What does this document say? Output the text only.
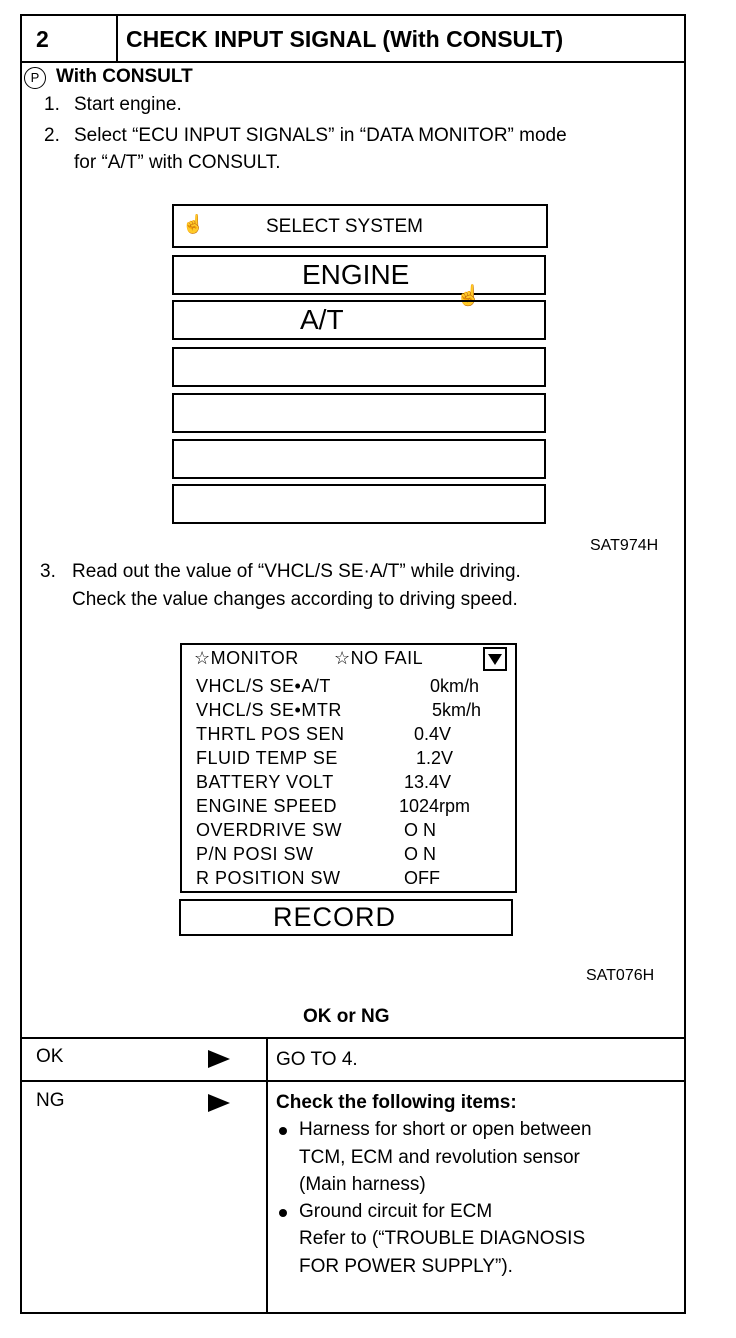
2	CHECK INPUT SIGNAL (With CONSULT)
P With CONSULT
1. Start engine.
2. Select “ECU INPUT SIGNALS” in “DATA MONITOR” mode
for “A/T” with CONSULT.
☝	SELECT SYSTEM
ENGINE
☝
A/T
SAT974H
3. Read out the value of “VHCL/S SE·A/T” while driving.
Check the value changes according to driving speed.
☆MONITOR ☆NO FAIL
VHCL/S SE•A/T	0km/h
VHCL/S SE•MTR	5km/h
THRTL POS SEN	0.4V
FLUID TEMP SE	1.2V
BATTERY VOLT	13.4V
ENGINE SPEED	1024rpm
OVERDRIVE SW	O N
P/N POSI SW	O N
R POSITION SW	OFF
RECORD
SAT076H
OK or NG
OK	GO TO 4.
NG	Check the following items:
Harness for short or open between
TCM, ECM and revolution sensor
(Main harness)
Ground circuit for ECM
Refer to (“TROUBLE DIAGNOSIS
FOR POWER SUPPLY”).
